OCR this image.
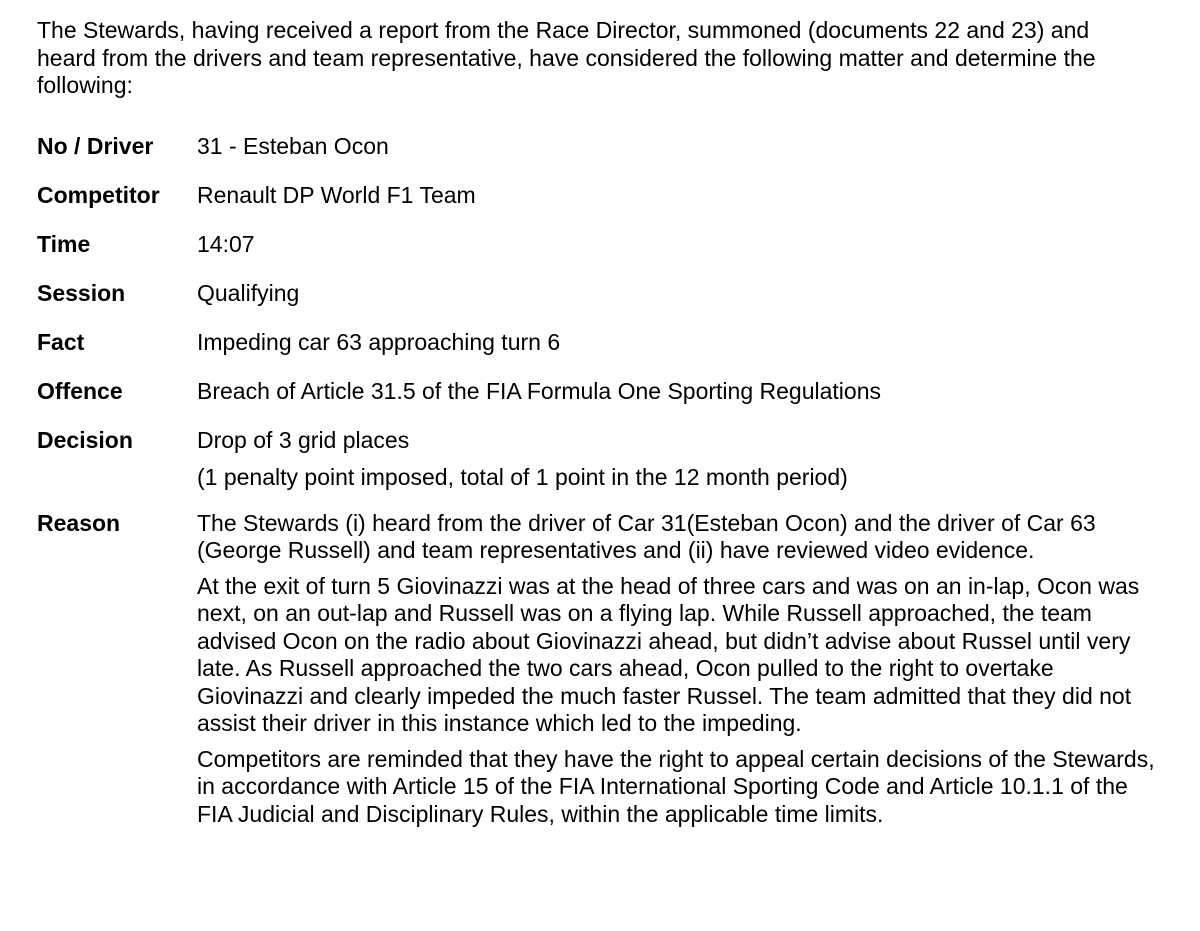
The Stewards, having received a report from the Race Director, summoned (documents 22 and 23) and heard from the drivers and team representative, have considered the following matter and determine the following:

No / Driver	31 - Esteban Ocon
Competitor	Renault DP World F1 Team
Time	14:07
Session	Qualifying
Fact	Impeding car 63 approaching turn 6
Offence	Breach of Article 31.5 of the FIA Formula One Sporting Regulations
Decision	Drop of 3 grid places
(1 penalty point imposed, total of 1 point in the 12 month period)
Reason	The Stewards (i) heard from the driver of Car 31(Esteban Ocon) and the driver of Car 63 (George Russell) and team representatives and (ii) have reviewed video evidence.

At the exit of turn 5 Giovinazzi was at the head of three cars and was on an in-lap, Ocon was next, on an out-lap and Russell was on a flying lap. While Russell approached, the team advised Ocon on the radio about Giovinazzi ahead, but didn’t advise about Russel until very late. As Russell approached the two cars ahead, Ocon pulled to the right to overtake Giovinazzi and clearly impeded the much faster Russel. The team admitted that they did not assist their driver in this instance which led to the impeding.

Competitors are reminded that they have the right to appeal certain decisions of the Stewards, in accordance with Article 15 of the FIA International Sporting Code and Article 10.1.1 of the FIA Judicial and Disciplinary Rules, within the applicable time limits.
